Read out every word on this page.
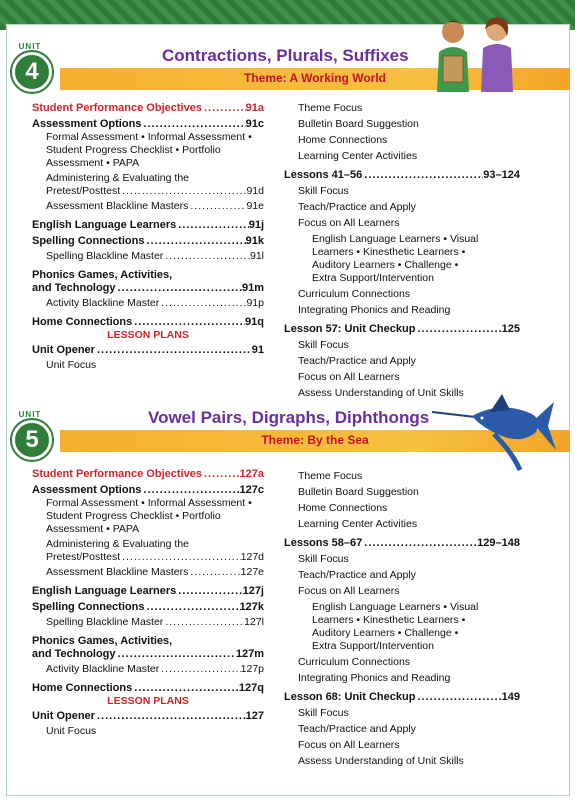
UNIT
4
Contractions, Plurals, Suffixes
Theme: A Working World
Student Performance Objectives .....	91a
Assessment Options .....	91c
Formal Assessment • Informal Assessment •
Student Progress Checklist • Portfolio
Assessment • PAPA
Administering & Evaluating the
Pretest/Posttest .....	91d
Assessment Blackline Masters .....	91e
English Language Learners .....	91j
Spelling Connections .....	91k
Spelling Blackline Master .....	91l
Phonics Games, Activities,
and Technology .....	91m
Activity Blackline Master .....	91p
Home Connections .....	91q
LESSON PLANS
Unit Opener .....	91
Unit Focus
Theme Focus
Bulletin Board Suggestion
Home Connections
Learning Center Activities
Lessons 41–56 .....	93–124
Skill Focus
Teach/Practice and Apply
Focus on All Learners
English Language Learners • Visual
Learners • Kinesthetic Learners •
Auditory Learners • Challenge •
Extra Support/Intervention
Curriculum Connections
Integrating Phonics and Reading
Lesson 57: Unit Checkup .....	125
Skill Focus
Teach/Practice and Apply
Focus on All Learners
Assess Understanding of Unit Skills
UNIT
5
Vowel Pairs, Digraphs, Diphthongs
Theme: By the Sea
Student Performance Objectives .....	127a
Assessment Options .....	127c
Formal Assessment • Informal Assessment •
Student Progress Checklist • Portfolio
Assessment • PAPA
Administering & Evaluating the
Pretest/Posttest .....	127d
Assessment Blackline Masters .....	127e
English Language Learners .....	127j
Spelling Connections .....	127k
Spelling Blackline Master .....	127l
Phonics Games, Activities,
and Technology .....	127m
Activity Blackline Master .....	127p
Home Connections .....	127q
LESSON PLANS
Unit Opener .....	127
Unit Focus
Theme Focus
Bulletin Board Suggestion
Home Connections
Learning Center Activities
Lessons 58–67 .....	129–148
Skill Focus
Teach/Practice and Apply
Focus on All Learners
English Language Learners • Visual
Learners • Kinesthetic Learners •
Auditory Learners • Challenge •
Extra Support/Intervention
Curriculum Connections
Integrating Phonics and Reading
Lesson 68: Unit Checkup .....	149
Skill Focus
Teach/Practice and Apply
Focus on All Learners
Assess Understanding of Unit Skills
